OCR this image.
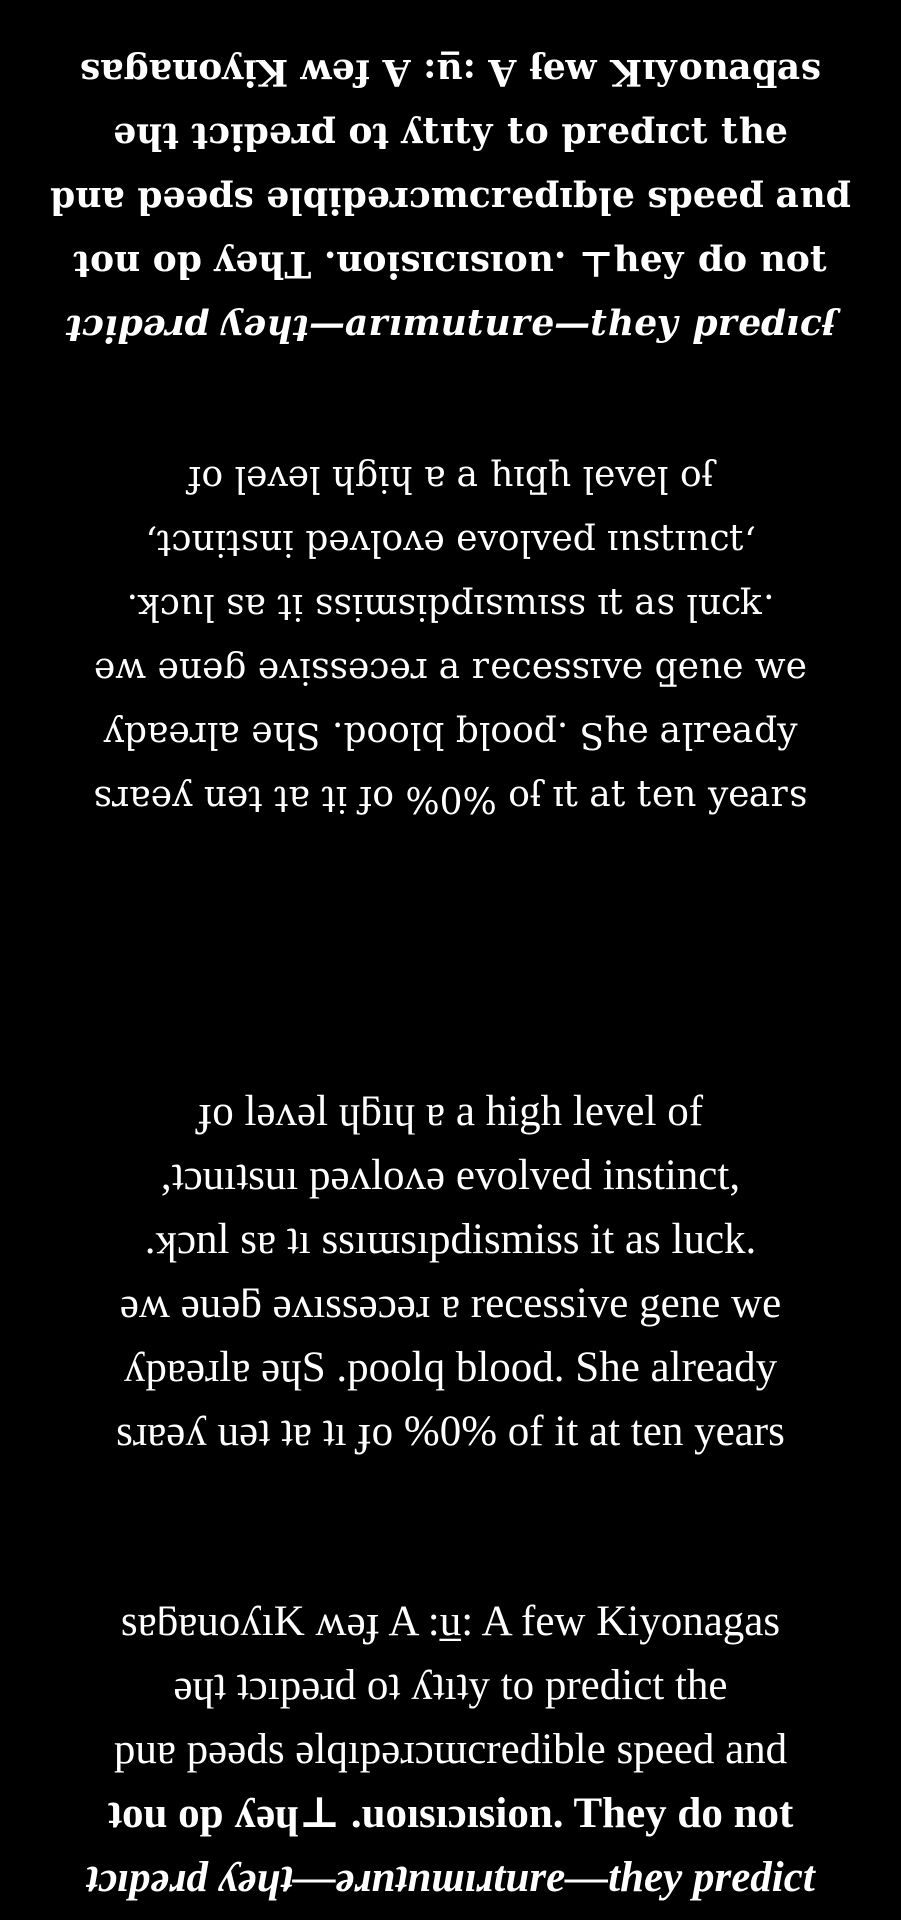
ɟɔıpǝɹd ʎǝɥʇ—ǝɹnʇnɯıɹɐ—they predict
ʇou op ʎǝɥ⊥ .uoısıɔısion. They do not
puɐ pǝǝds ǝlqıpǝɹɔɯcredible speed and
ǝɥʇ ʇɔıpǝɹd oʇ ʎʇıʇy to predict the
sɐƃɐuoʎıK ʍǝɟ A :u̲: A few Kiyonagas
sɹɐǝʎ uǝʇ ʇɐ ʇı ɟo %0% of it at ten years
ʎpɐǝɹlɐ ǝɥS .poolq blood. She already
ǝʍ ǝuǝƃ ǝʌıssǝɔǝɹ ɐ recessive gene we
.ʞɔnl sɐ ʇı ssıɯsıpdismiss it as luck.
,ʇɔuıʇsuı pǝʌloʌǝ evolved instinct,
ɟo lǝʌǝl ɥƃıɥ ɐ a high level of
ɟo lǝʌǝl ɥƃıɥ ɐ a high level of
,ʇɔuıʇsuı pǝʌloʌǝ evolved instinct,
.ʞɔnl sɐ ʇı ssıɯsıpdismiss it as luck.
ǝʍ ǝuǝƃ ǝʌıssǝɔǝɹ ɐ recessive gene we
ʎpɐǝɹlɐ ǝɥS .poolq blood. She already
sɹɐǝʎ uǝʇ ʇɐ ʇı ɟo %0% of it at ten years
sɐƃɐuoʎıK ʍǝɟ A :u̲: A few Kiyonagas
ǝɥʇ ʇɔıpǝɹd oʇ ʎʇıʇy to predict the
puɐ pǝǝds ǝlqıpǝɹɔɯcredible speed and
ʇou op ʎǝɥ⊥ .uoısıɔısion. They do not
ʇɔıpǝɹd ʎǝɥʇ—ǝɹnʇnɯıɹture—they predict
